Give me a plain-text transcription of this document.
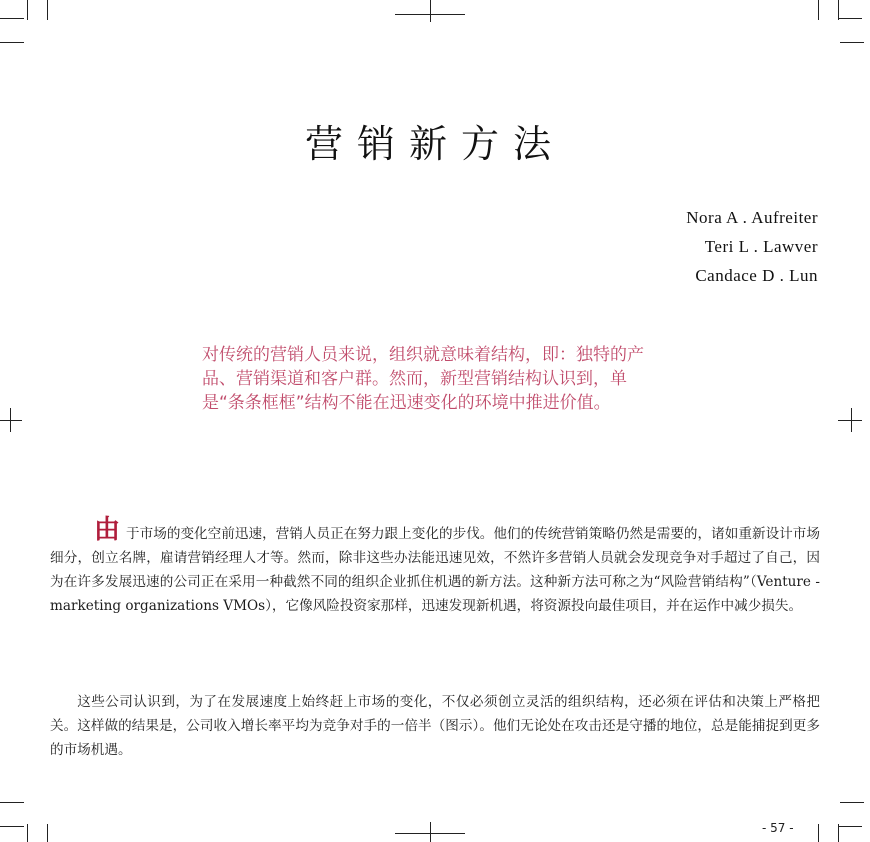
营销新方法
Nora A . Aufreiter
Teri L . Lawver
Candace D . Lun

对传统的营销人员来说，组织就意味着结构，即：独特的产品、营销渠道和客户群。然而，新型营销结构认识到，单是“条条框框”结构不能在迅速变化的环境中推进价值。

由于市场的变化空前迅速，营销人员正在努力跟上变化的步伐。他们的传统营销策略仍然是需要的，诸如重新设计市场细分，创立名牌，雇请营销经理人才等。然而，除非这些办法能迅速见效，不然许多营销人员就会发现竞争对手超过了自己，因为在许多发展迅速的公司正在采用一种截然不同的组织企业抓住机遇的新方法。这种新方法可称之为“风险营销结构”（Venture - marketing organizations VMOs），它像风险投资家那样，迅速发现新机遇，将资源投向最佳项目，并在运作中减少损失。

这些公司认识到，为了在发展速度上始终赶上市场的变化，不仅必须创立灵活的组织结构，还必须在评估和决策上严格把关。这样做的结果是，公司收入增长率平均为竞争对手的一倍半（图示）。他们无论处在攻击还是守播的地位，总是能捕捉到更多的市场机遇。

- 57 -
